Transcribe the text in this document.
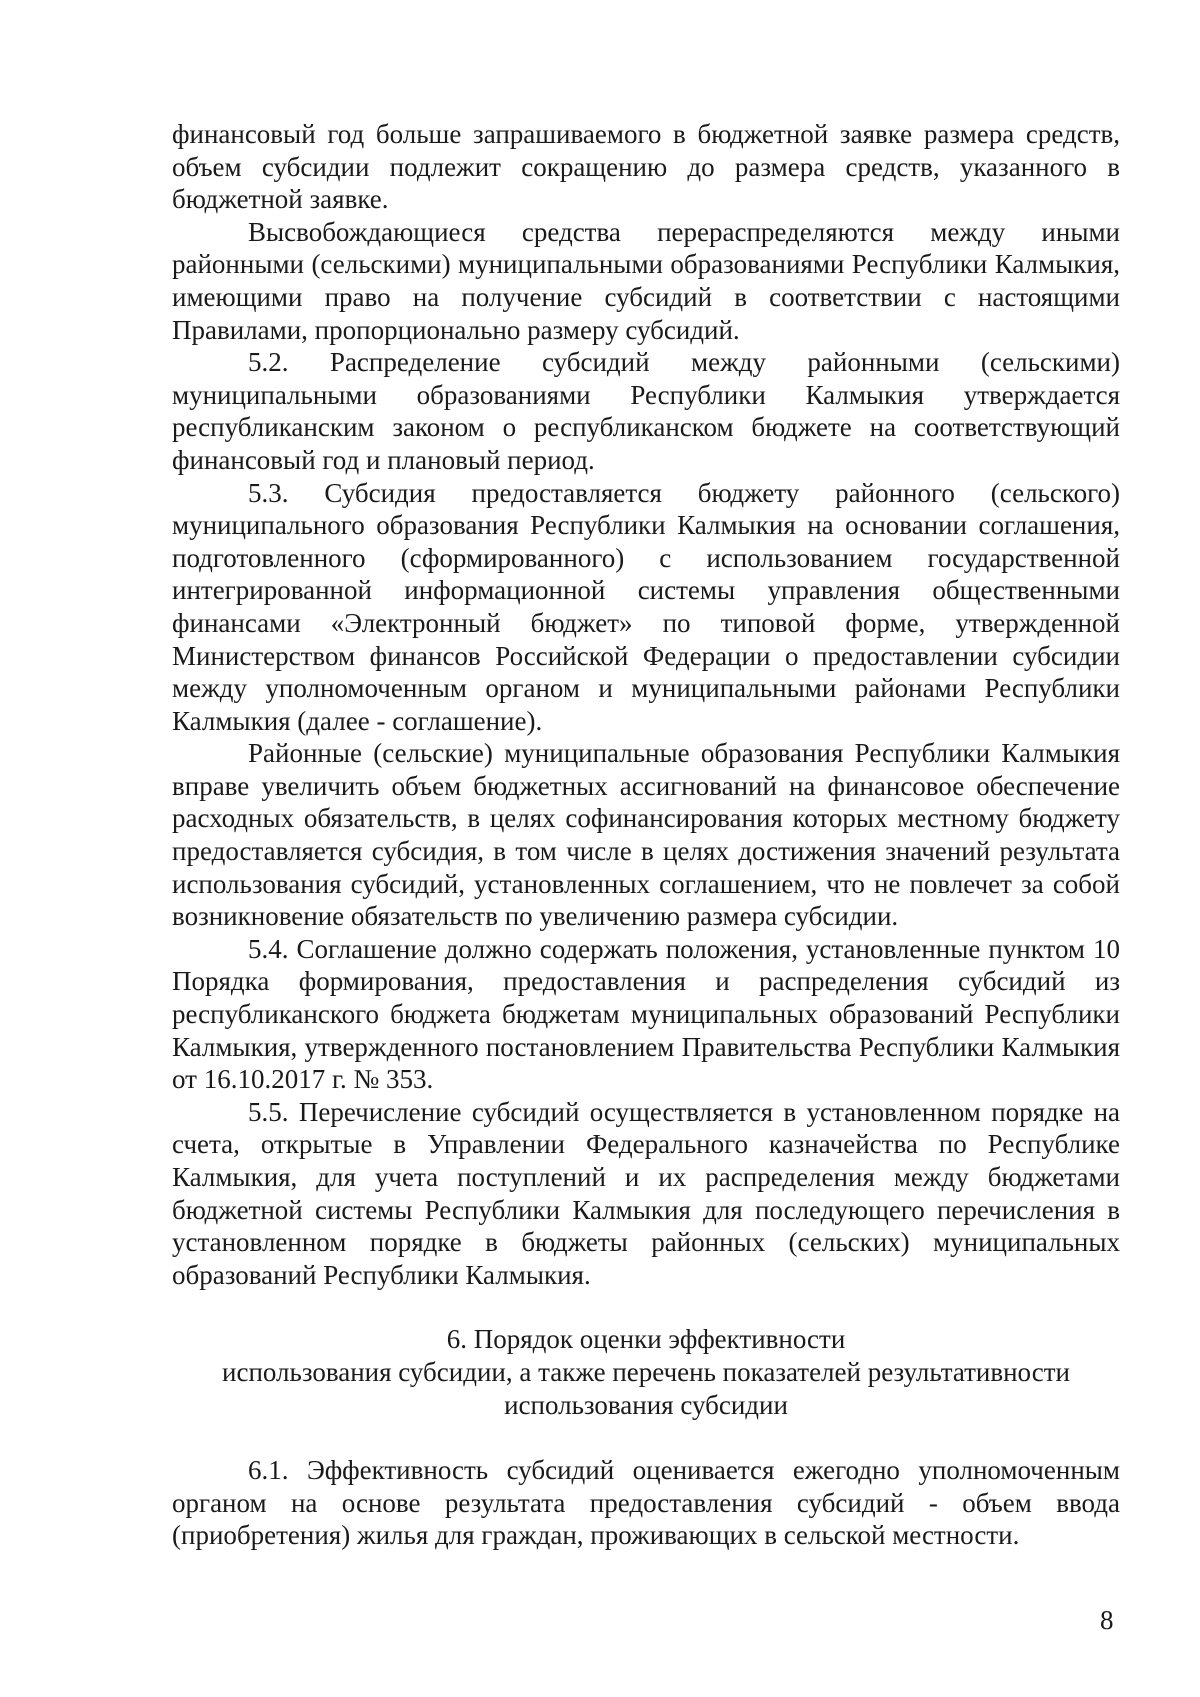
финансовый год больше запрашиваемого в бюджетной заявке размера средств, объем субсидии подлежит сокращению до размера средств, указанного в бюджетной заявке.

Высвобождающиеся средства перераспределяются между иными районными (сельскими) муниципальными образованиями Республики Калмыкия, имеющими право на получение субсидий в соответствии с настоящими Правилами, пропорционально размеру субсидий.

5.2. Распределение субсидий между районными (сельскими) муниципальными образованиями Республики Калмыкия утверждается республиканским законом о республиканском бюджете на соответствующий финансовый год и плановый период.

5.3. Субсидия предоставляется бюджету районного (сельского) муниципального образования Республики Калмыкия на основании соглашения, подготовленного (сформированного) с использованием государственной интегрированной информационной системы управления общественными финансами «Электронный бюджет» по типовой форме, утвержденной Министерством финансов Российской Федерации о предоставлении субсидии между уполномоченным органом и муниципальными районами Республики Калмыкия (далее - соглашение).

Районные (сельские) муниципальные образования Республики Калмыкия вправе увеличить объем бюджетных ассигнований на финансовое обеспечение расходных обязательств, в целях софинансирования которых местному бюджету предоставляется субсидия, в том числе в целях достижения значений результата использования субсидий, установленных соглашением, что не повлечет за собой возникновение обязательств по увеличению размера субсидии.

5.4. Соглашение должно содержать положения, установленные пунктом 10 Порядка формирования, предоставления и распределения субсидий из республиканского бюджета бюджетам муниципальных образований Республики Калмыкия, утвержденного постановлением Правительства Республики Калмыкия от 16.10.2017 г. № 353.

5.5. Перечисление субсидий осуществляется в установленном порядке на счета, открытые в Управлении Федерального казначейства по Республике Калмыкия, для учета поступлений и их распределения между бюджетами бюджетной системы Республики Калмыкия для последующего перечисления в установленном порядке в бюджеты районных (сельских) муниципальных образований Республики Калмыкия.

6. Порядок оценки эффективности
использования субсидии, а также перечень показателей результативности
использования субсидии

6.1. Эффективность субсидий оценивается ежегодно уполномоченным органом на основе результата предоставления субсидий - объем ввода (приобретения) жилья для граждан, проживающих в сельской местности.

8
